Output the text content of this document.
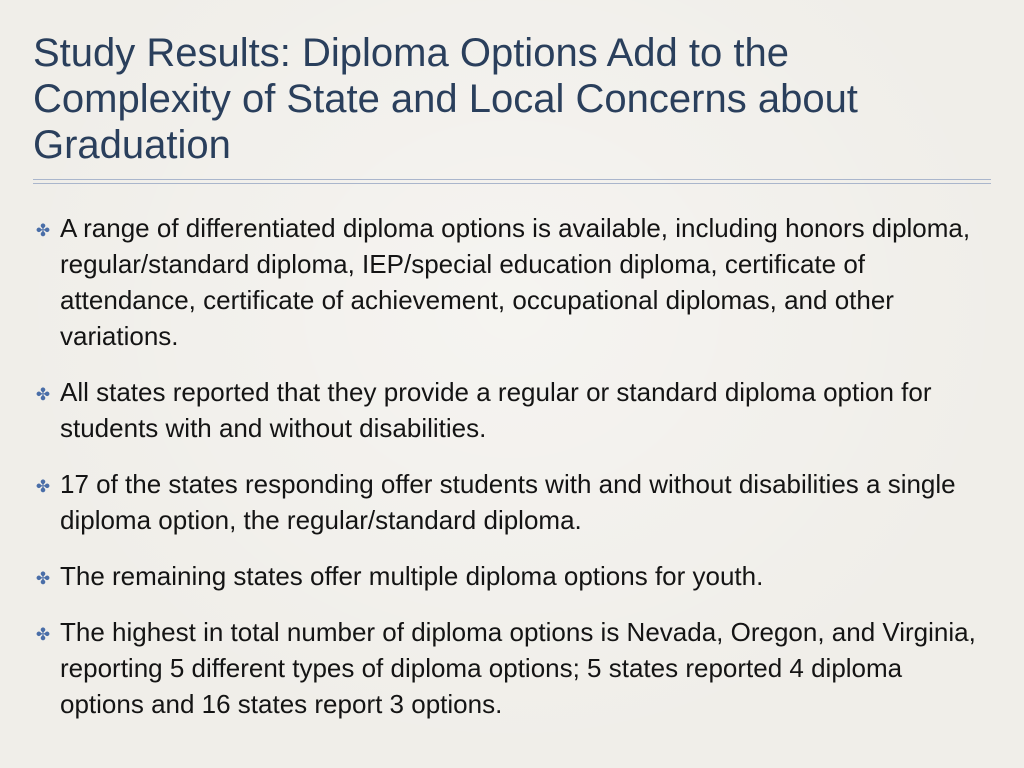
Study Results: Diploma Options Add to the Complexity of State and Local Concerns about Graduation
✤ A range of differentiated diploma options is available, including honors diploma, regular/standard diploma, IEP/special education diploma, certificate of attendance, certificate of achievement, occupational diplomas, and other variations.
✤ All states reported that they provide a regular or standard diploma option for students with and without disabilities.
✤ 17 of the states responding offer students with and without disabilities a single diploma option, the regular/standard diploma.
✤ The remaining states offer multiple diploma options for youth.
✤ The highest in total number of diploma options is Nevada, Oregon, and Virginia, reporting 5 different types of diploma options; 5 states reported 4 diploma options and 16 states report 3 options.
